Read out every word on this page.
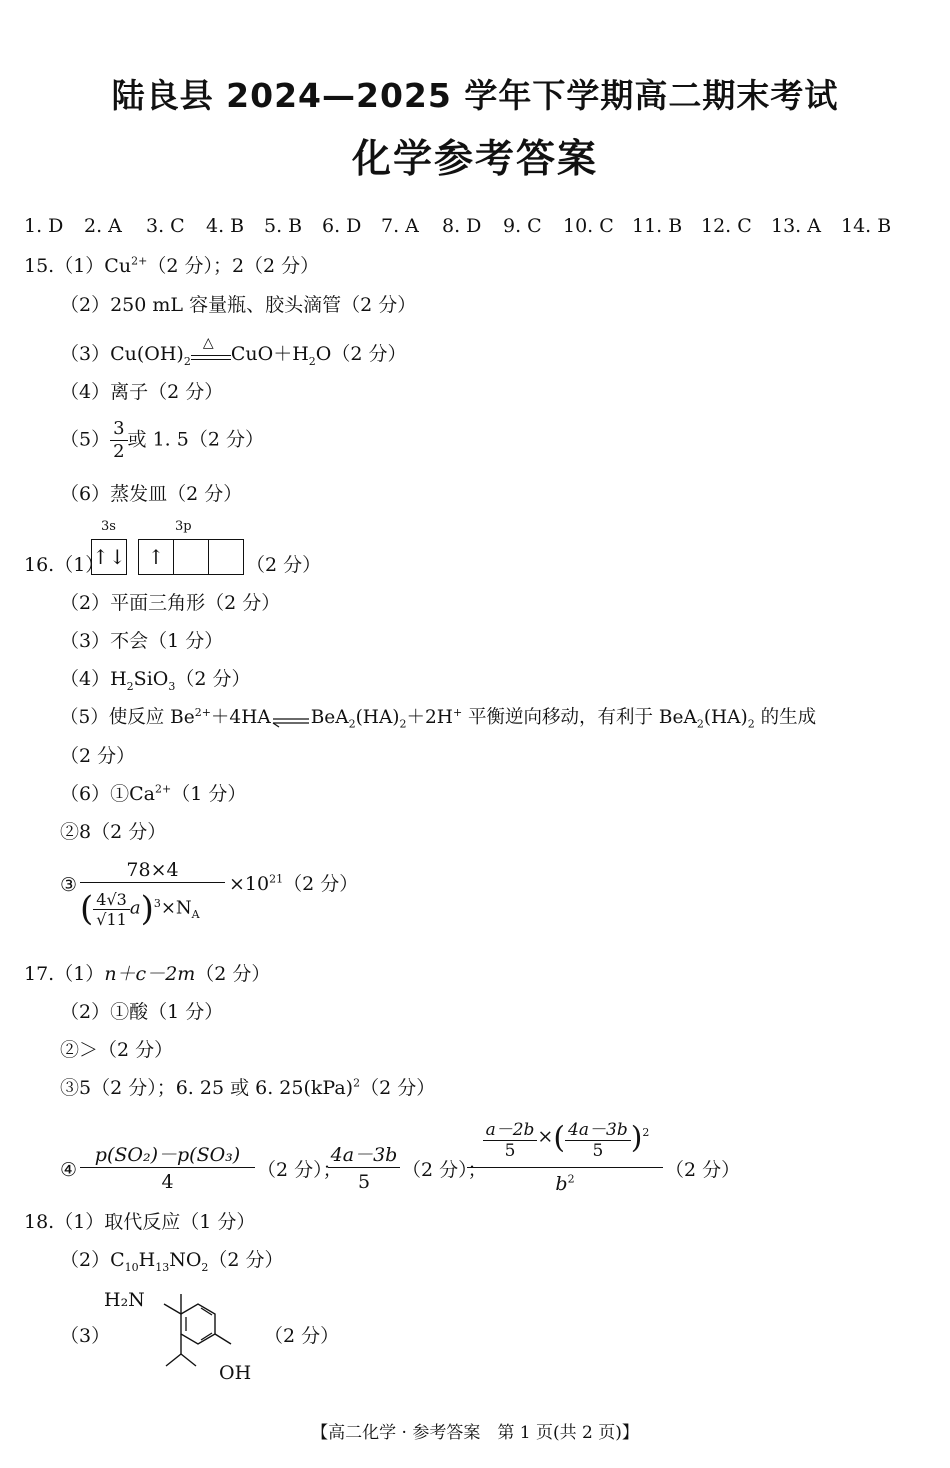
陆良县 2024—2025 学年下学期高二期末考试
化学参考答案
1. D 2. A 3. C 4. B 5. B 6. D 7. A 8. D 9. C 10. C 11. B 12. C 13. A 14. B
$15.(1)Cu^{2+}(2$ 分）；2（2 分）
（2）250 mL 容量瓶、胶头滴管（2 分）
$(3)Cu(OH)_2$
△ $CuO+H_2O(2$ 分）
（4）离子（2 分）
$(5) \frac{3}{2}$ 或 1. 5（2 分）
（6）蒸发皿（2 分）
3s	3p
↑↓	↑
16.（1）	（2 分）
（2）平面三角形（2 分）
（3）不会（1 分）
$(4)H_2SiO_3(2$ 分）
（5）使反应 $Be^{2+}+4HA$ $BeA_2(HA)_2+2H^+$ 平衡逆向移动，有利于 $BeA_2(HA)_2$ 的生成
（2 分）
$(6)①Ca^{2+}(1$ 分）
②8（2 分）
③
78×4
( $\frac{4√3}{√11} a)^3\times N_A$
$\times 10^{21}(2$ 分）
17.（1）n＋c－2m（2 分）
（2）①酸（1 分）
②＞（2 分）
③5（2 分）；6. 25 或 6. 25(kPa)$^2$（2 分）
④
p(SO₂)－p(SO₃)
4
（2 分）；
4a－3b
5
（2 分）；
$\frac{a-2b}{5}$ ×( $\frac{4a-3b}{5} )^2$
$b^2$	（2 分）
18.（1）取代反应（1 分）
$(2)C_{10}H_{13}NO_2(2$ 分）
（3）
H₂N
OH
（2 分）
【高二化学 · 参考答案　第 1 页(共 2 页)】
